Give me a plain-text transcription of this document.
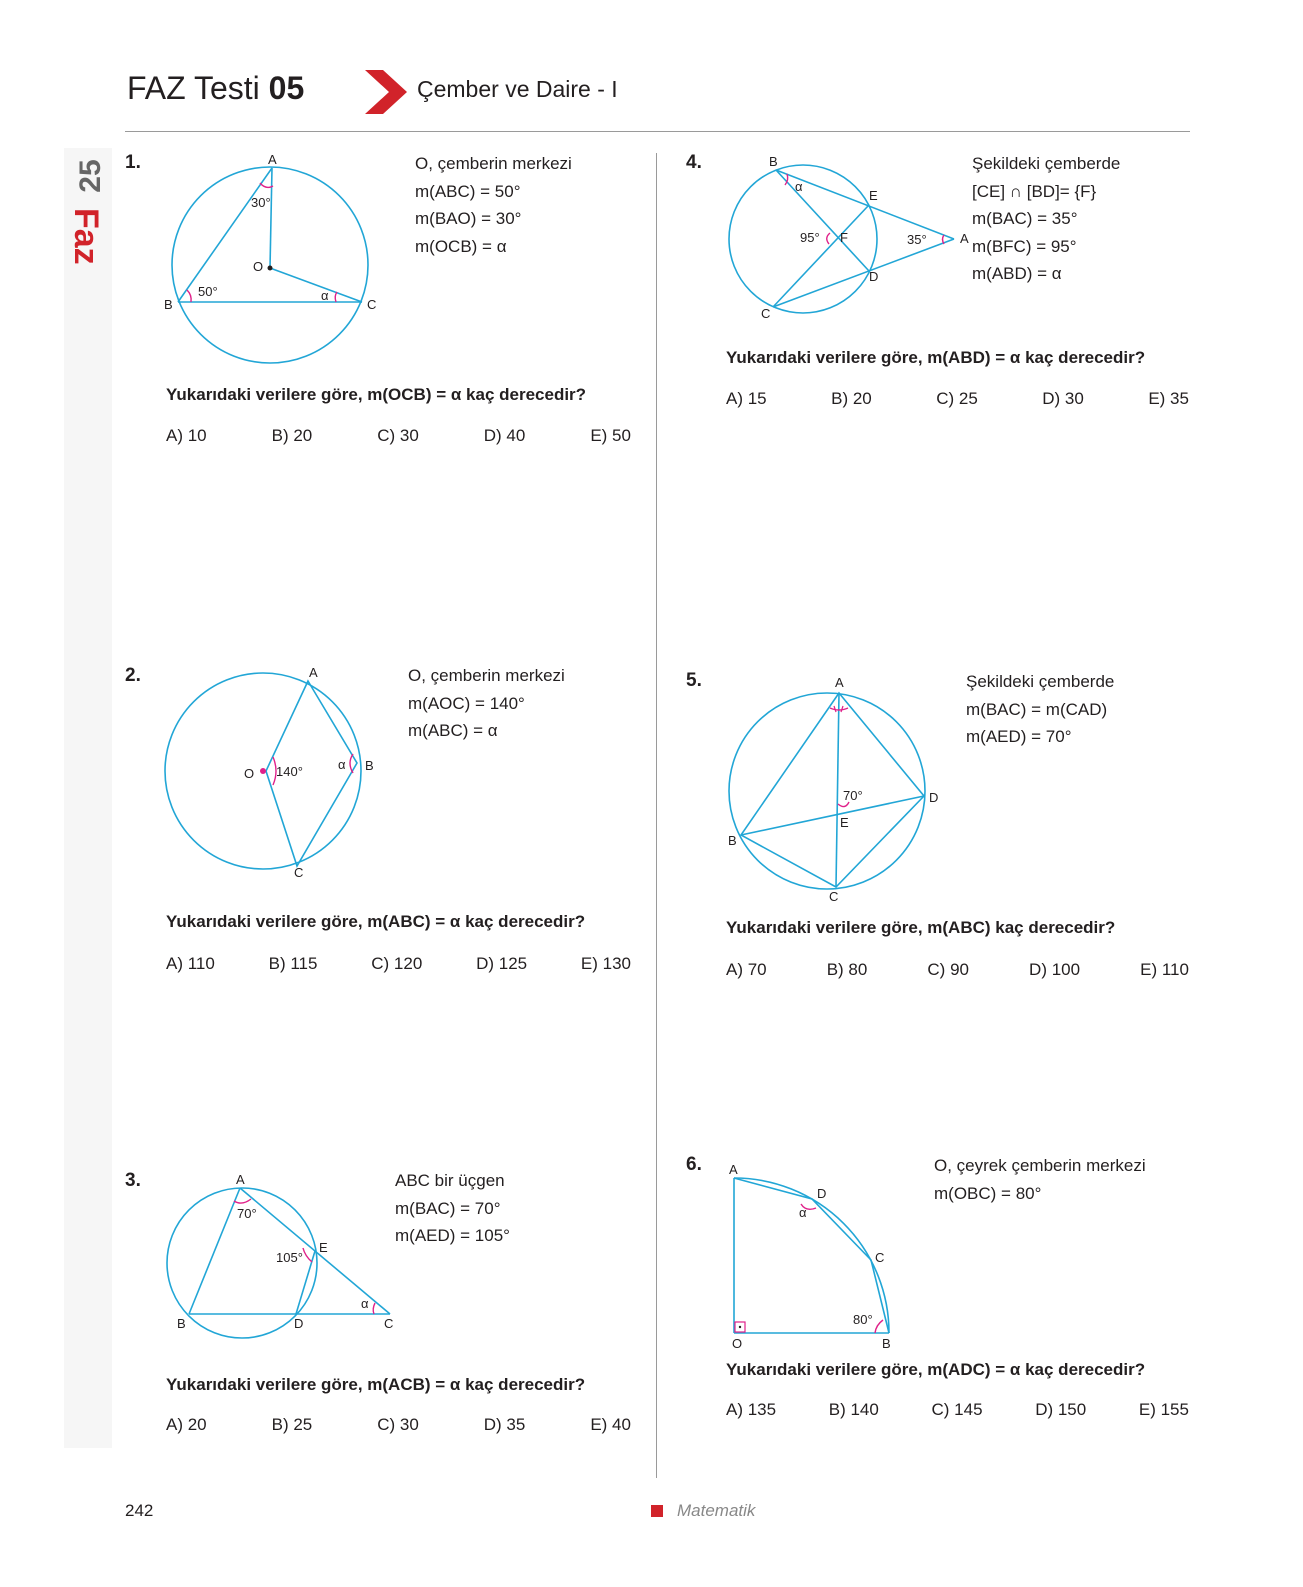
25
Faz
FAZ Testi 05	Çember ve Daire - I
1.	A
B	C
O
30°
50°	α
O, çemberin merkezi
m(ABC) = 50°
m(BAO) = 30°
m(OCB) = α
Yukarıdaki verilere göre, m(OCB) = α kaç derecedir?
A) 10	B) 20	C) 30	D) 40	E) 50
2.	A
B
C
O 140°	α
O, çemberin merkezi
m(AOC) = 140°
m(ABC) = α
Yukarıdaki verilere göre, m(ABC) = α kaç derecedir?
A) 110	B) 115	C) 120	D) 125	E) 130
3.	A
B	C
D
E
70°
105°
α
ABC bir üçgen
m(BAC) = 70°
m(AED) = 105°
Yukarıdaki verilere göre, m(ACB) = α kaç derecedir?
A) 20	B) 25	C) 30	D) 35	E) 40
4.	B
A
C
D
E
F
95°	35°
α
Şekildeki çemberde
[CE] ∩ [BD]= {F}
m(BAC) = 35°
m(BFC) = 95°
m(ABD) = α
Yukarıdaki verilere göre, m(ABD) = α kaç derecedir?
A) 15	B) 20	C) 25	D) 30	E) 35
5.	A
B
C
D
E
70°
Şekildeki çemberde
m(BAC) = m(CAD)
m(AED) = 70°
Yukarıdaki verilere göre, m(ABC) kaç derecedir?
A) 70	B) 80	C) 90	D) 100	E) 110
6. A
D
C
O	B
80°
α
O, çeyrek çemberin merkezi
m(OBC) = 80°
Yukarıdaki verilere göre, m(ADC) = α kaç derecedir?
A) 135	B) 140	C) 145	D) 150	E) 155
242	Matematik
